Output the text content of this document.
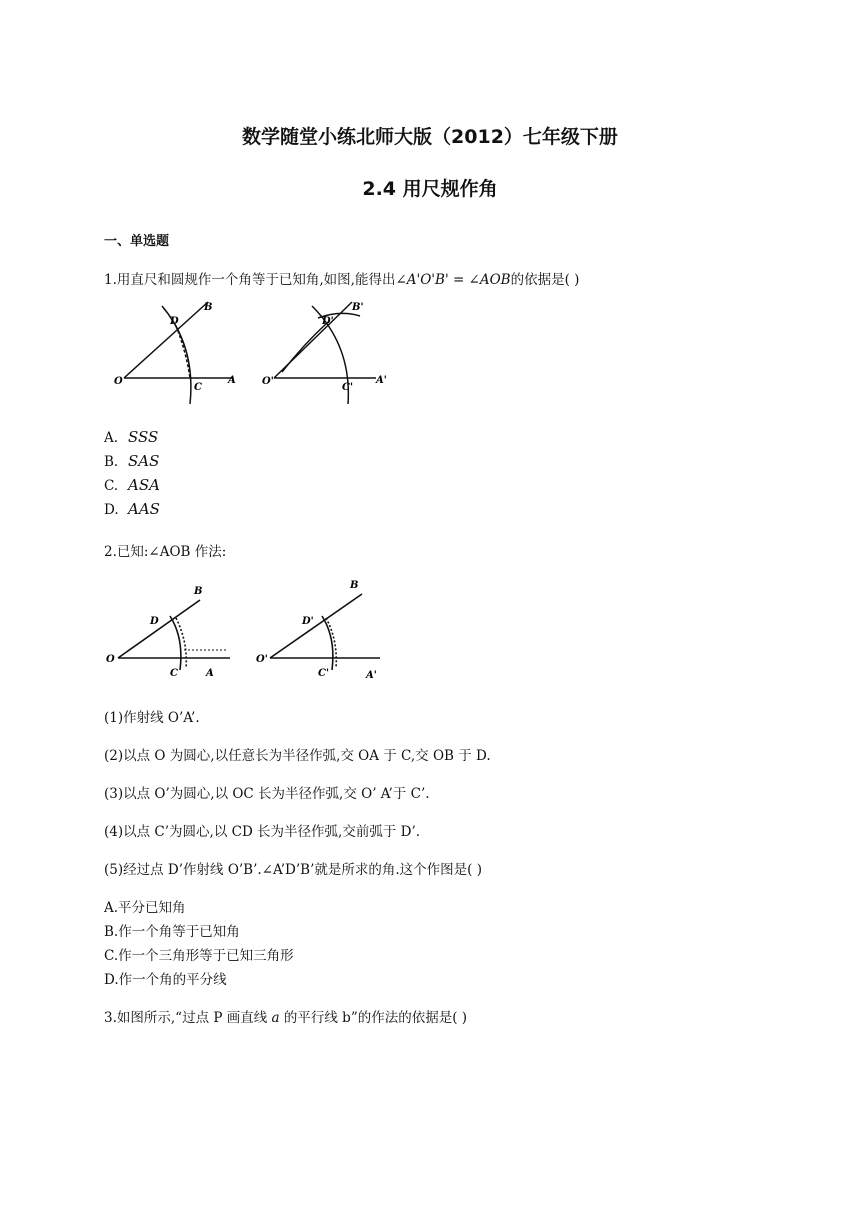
数学随堂小练北师大版（2012）七年级下册
2.4 用尺规作角
一、单选题
1.用直尺和圆规作一个角等于已知角,如图,能得出∠A'O'B' = ∠AOB的依据是( )
O
C
A
D
B
O'
C'
A'
D'
B'
A. SSS
B. SAS
C. ASA
D. AAS
2.已知:∠AOB 作法:
O
C	A
D
B
O'
C'	A'
D'
B
(1)作射线 O’A’.
(2)以点 O 为圆心,以任意长为半径作弧,交 OA 于 C,交 OB 于 D.
(3)以点 O’为圆心,以 OC 长为半径作弧,交 O’ A’于 C’.
(4)以点 C’为圆心,以 CD 长为半径作弧,交前弧于 D’.
(5)经过点 D’作射线 O’B’.∠A’D’B’就是所求的角.这个作图是( )
A.平分已知角
B.作一个角等于已知角
C.作一个三角形等于已知三角形
D.作一个角的平分线
3.如图所示,“过点 P 画直线 a 的平行线 b”的作法的依据是( )
